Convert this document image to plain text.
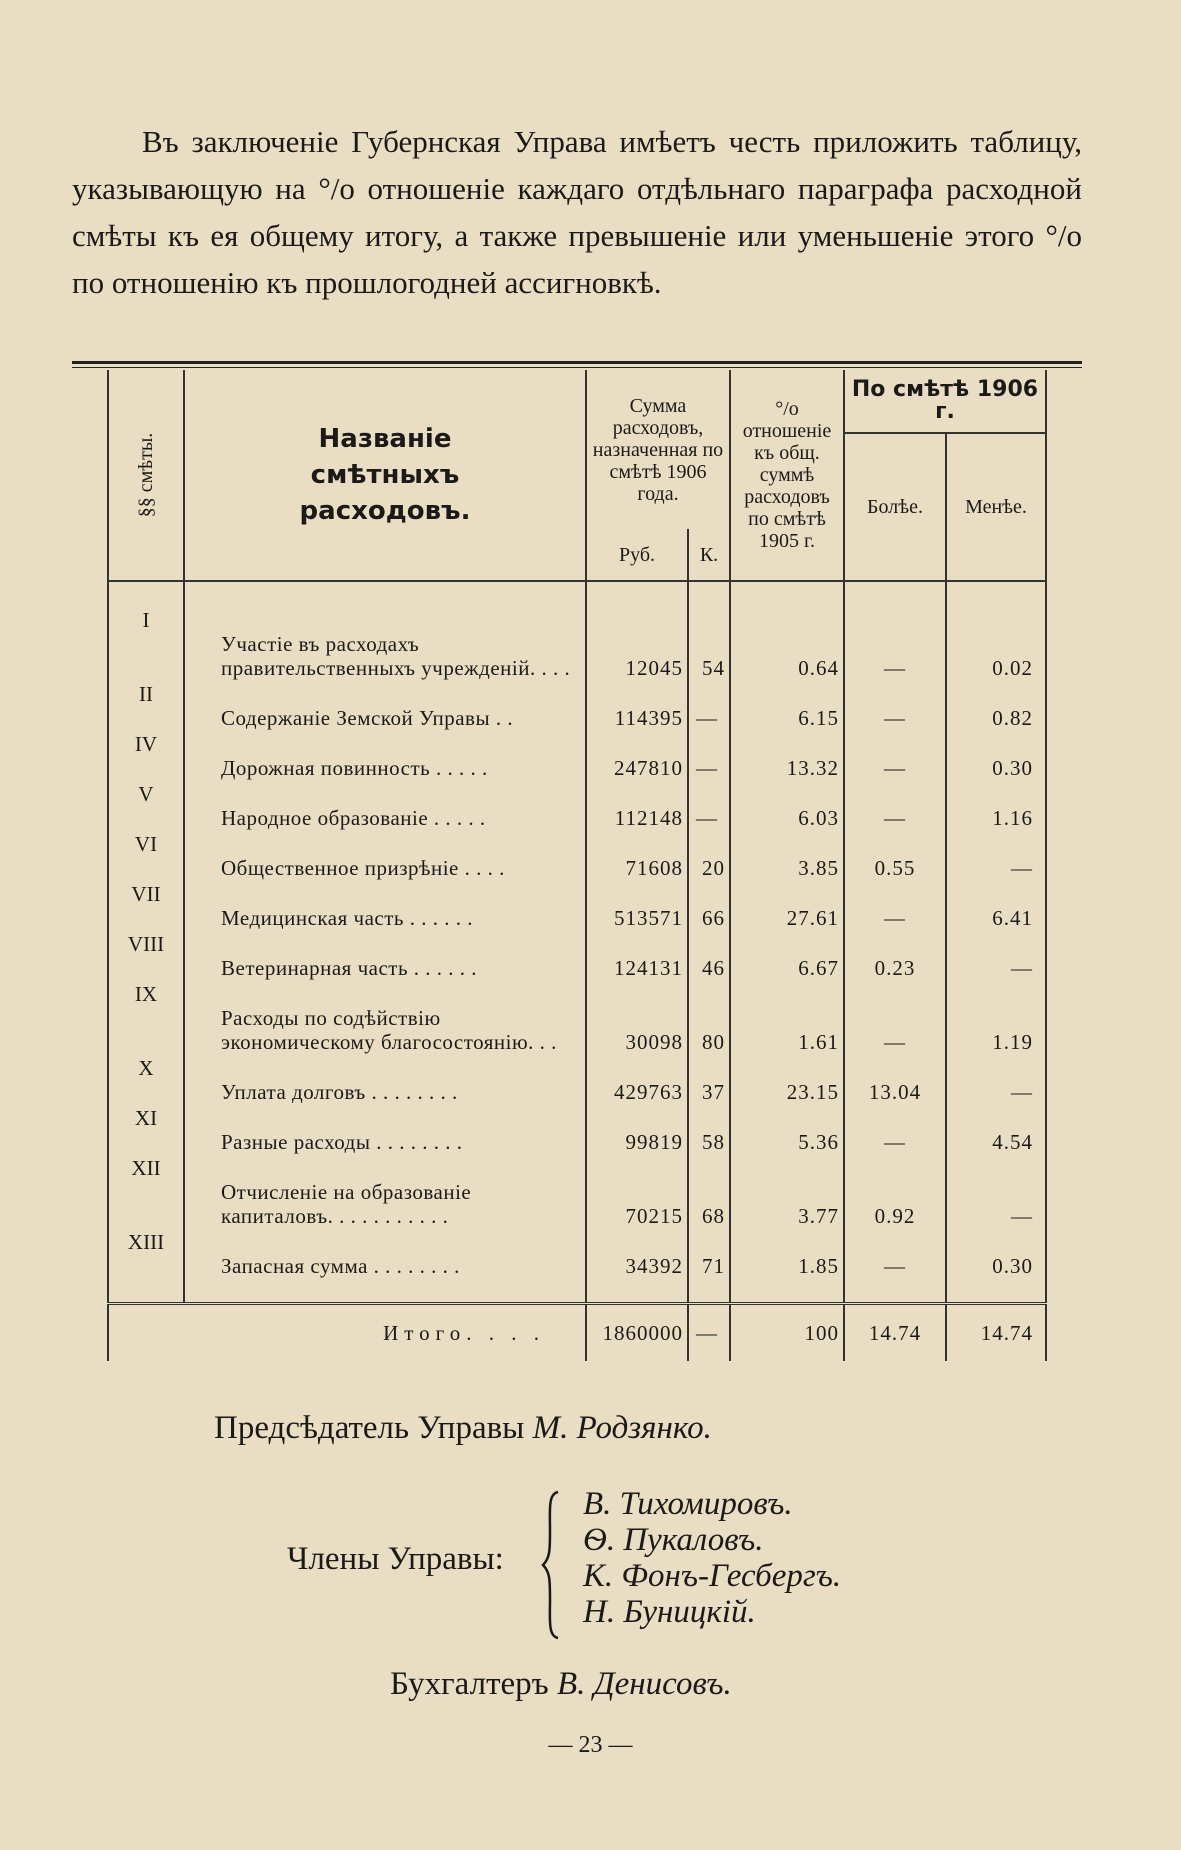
Въ заключеніе Губернская Управа имѣетъ честь приложить таблицу, указывающую на °/о отношеніе каждаго отдѣльнаго параграфа расходной смѣты къ ея общему итогу, а также превышеніе или уменьшеніе этого °/о по отношенію къ прошлогодней ассигновкѣ.

	§§ смѣты.	Названіе смѣтныхъ расходовъ.	Сумма расходовъ, назначенная по смѣтѣ 1906 года.		°/о отношеніе къ общ. суммѣ расходовъ по смѣтѣ 1905 г.	По смѣтѣ 1906 г.		
						Болѣе.	Менѣе.	
			Руб.	К.				

	I	Участіе въ расходахъ правительственныхъ учрежденій. . . .	12045	54	0.64	—	0.02	
	II	Содержаніе Земской Управы . .	114395	—	6.15	—	0.82	
	IV	Дорожная повинность . . . . .	247810	—	13.32	—	0.30	
	V	Народное образованіе . . . . .	112148	—	6.03	—	1.16	
	VI	Общественное призрѣніе . . . .	71608	20	3.85	0.55	—	
	VII	Медицинская часть . . . . . .	513571	66	27.61	—	6.41	
	VIII	Ветеринарная часть . . . . . .	124131	46	6.67	0.23	—	
	IX	Расходы по содѣйствію экономическому благосостоянію. . .	30098	80	1.61	—	1.19	
	X	Уплата долговъ . . . . . . . .	429763	37	23.15	13.04	—	
	XI	Разные расходы . . . . . . . .	99819	58	5.36	—	4.54	
	XII	Отчисленіе на образованіе капиталовъ. . . . . . . . . . .	70215	68	3.77	0.92	—	
	XIII	Запасная сумма . . . . . . . .	34392	71	1.85	—	0.30	

	Итого. . . .		1860000	—	100	14.74	14.74	
Предсѣдатель Управы М. Родзянко.
Члены Управы:
В. Тихомировъ.
Ѳ. Пукаловъ.
К. Фонъ-Гесбергъ.
Н. Буницкій.
Бухгалтеръ В. Денисовъ.
— 23 —
